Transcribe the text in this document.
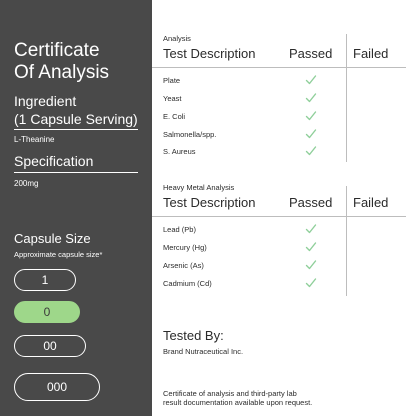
Certificate
Of Analysis
Ingredient
(1 Capsule Serving)
L-Theanine
Specification
200mg
Capsule Size
Approximate capsule size*
1
0
00
000
Analysis
Test Description	Passed Failed
Plate
Yeast
E. Coli
Salmonella/spp.
S. Aureus
Heavy Metal Analysis
Test Description	Passed Failed
Lead (Pb)
Mercury (Hg)
Arsenic (As)
Cadmium (Cd)
Tested By:
Brand Nutraceutical Inc.
Certificate of analysis and third-party lab
result documentation available upon request.
